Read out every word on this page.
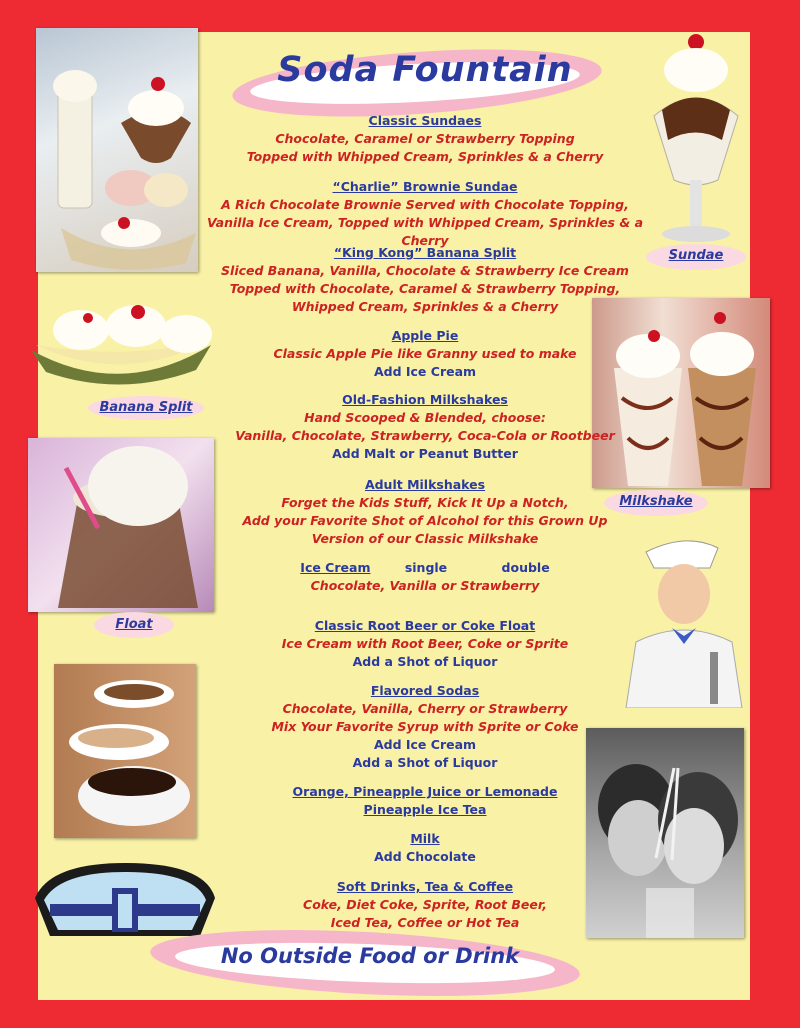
Soda Fountain
Banana Split
Float
Sundae
Milkshake
Classic Sundaes
Chocolate, Caramel or Strawberry Topping
Topped with Whipped Cream, Sprinkles & a Cherry
“Charlie” Brownie Sundae
A Rich Chocolate Brownie Served with Chocolate Topping,
Vanilla Ice Cream, Topped with Whipped Cream, Sprinkles & a Cherry
“King Kong” Banana Split
Sliced Banana, Vanilla, Chocolate & Strawberry Ice Cream
Topped with Chocolate, Caramel & Strawberry Topping,
Whipped Cream, Sprinkles & a Cherry
Apple Pie
Classic Apple Pie like Granny used to make
Add Ice Cream
Old-Fashion Milkshakes
Hand Scooped & Blended, choose:
Vanilla, Chocolate, Strawberry, Coca-Cola or Rootbeer
Add Malt or Peanut Butter
Adult Milkshakes
Forget the Kids Stuff, Kick It Up a Notch,
Add your Favorite Shot of Alcohol for this Grown Up
Version of our Classic Milkshake
Ice Cream	single	double
Chocolate, Vanilla or Strawberry
Classic Root Beer or Coke Float
Ice Cream with Root Beer, Coke or Sprite
Add a Shot of Liquor
Flavored Sodas
Chocolate, Vanilla, Cherry or Strawberry
Mix Your Favorite Syrup with Sprite or Coke
Add Ice Cream
Add a Shot of Liquor
Orange, Pineapple Juice or Lemonade
Pineapple Ice Tea
Milk
Add Chocolate
Soft Drinks, Tea & Coffee
Coke, Diet Coke, Sprite, Root Beer,
Iced Tea, Coffee or Hot Tea
No Outside Food or Drink
